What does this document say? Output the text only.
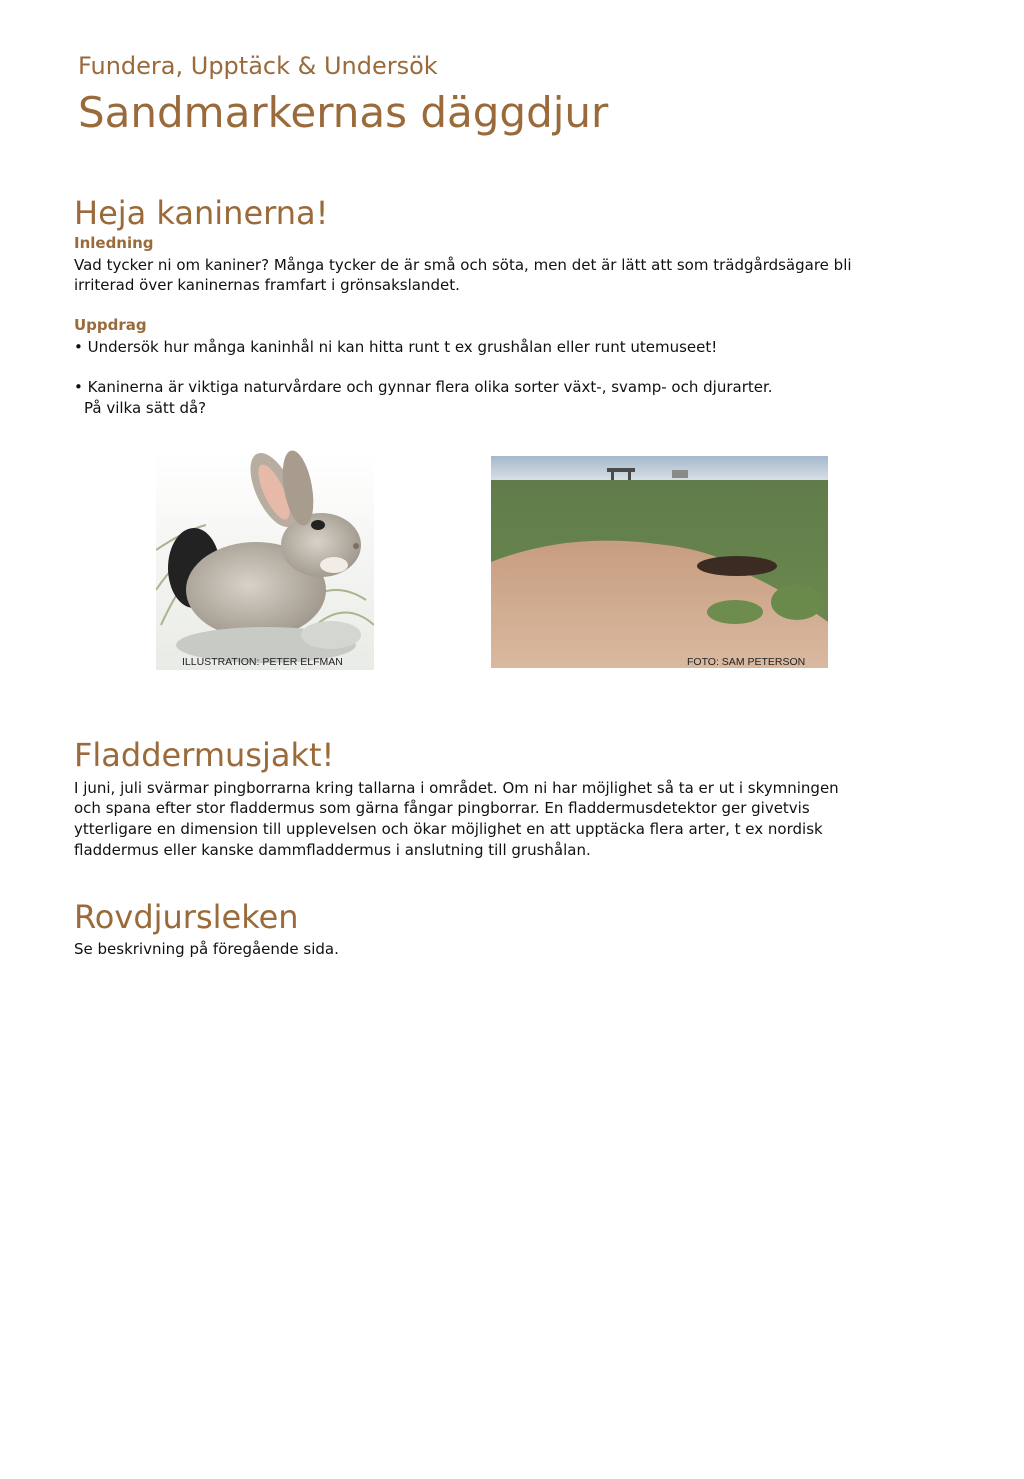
Fundera, Upptäck & Undersök
Sandmarkernas däggdjur
Heja kaninerna!
Inledning

Vad tycker ni om kaniner? Många tycker de är små och söta, men det är lätt att som trädgårdsägare bli

irriterad över kaninernas framfart i grönsakslandet.

Uppdrag

• Undersök hur många kaninhål ni kan hitta runt t ex grushålan eller runt utemuseet!

• Kaninerna är viktiga naturvårdare och gynnar flera olika sorter växt-, svamp- och djurarter.

På vilka sätt då?

ILLUSTRATION: PETER ELFMAN	FOTO: SAM PETERSON
Fladdermusjakt!

I juni, juli svärmar pingborrarna kring tallarna i området. Om ni har möjlighet så ta er ut i skymningen

och spana efter stor fladdermus som gärna fångar pingborrar. En fladdermusdetektor ger givetvis

ytterligare en dimension till upplevelsen och ökar möjlighet en att upptäcka flera arter, t ex nordisk

fladdermus eller kanske dammfladdermus i anslutning till grushålan.

Rovdjursleken

Se beskrivning på föregående sida.
